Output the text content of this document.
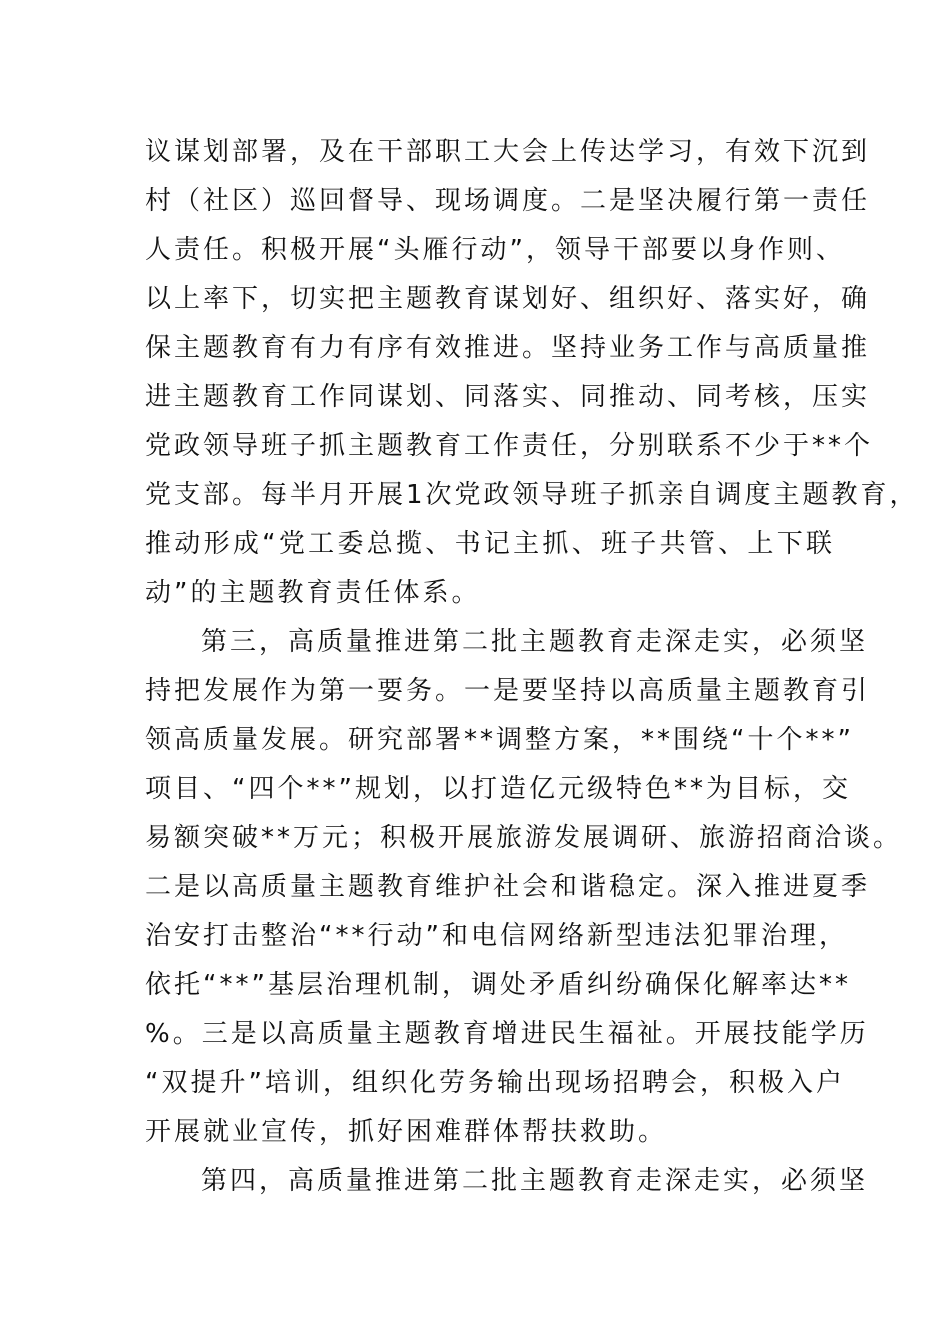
议谋划部署，及在干部职工大会上传达学习，有效下沉到
村（社区）巡回督导、现场调度。二是坚决履行第一责任
人责任。积极开展“头雁行动”，领导干部要以身作则、
以上率下，切实把主题教育谋划好、组织好、落实好，确
保主题教育有力有序有效推进。坚持业务工作与高质量推
进主题教育工作同谋划、同落实、同推动、同考核，压实
党政领导班子抓主题教育工作责任，分别联系不少于**个
党支部。每半月开展1次党政领导班子抓亲自调度主题教育，
推动形成“党工委总揽、书记主抓、班子共管、上下联
动”的主题教育责任体系。
第三，高质量推进第二批主题教育走深走实，必须坚
持把发展作为第一要务。一是要坚持以高质量主题教育引
领高质量发展。研究部署**调整方案，**围绕“十个**”
项目、“四个**”规划，以打造亿元级特色**为目标，交
易额突破**万元；积极开展旅游发展调研、旅游招商洽谈。
二是以高质量主题教育维护社会和谐稳定。深入推进夏季
治安打击整治“**行动”和电信网络新型违法犯罪治理，
依托“**”基层治理机制，调处矛盾纠纷确保化解率达**
%。三是以高质量主题教育增进民生福祉。开展技能学历
“双提升”培训，组织化劳务输出现场招聘会，积极入户
开展就业宣传，抓好困难群体帮扶救助。
第四，高质量推进第二批主题教育走深走实，必须坚
